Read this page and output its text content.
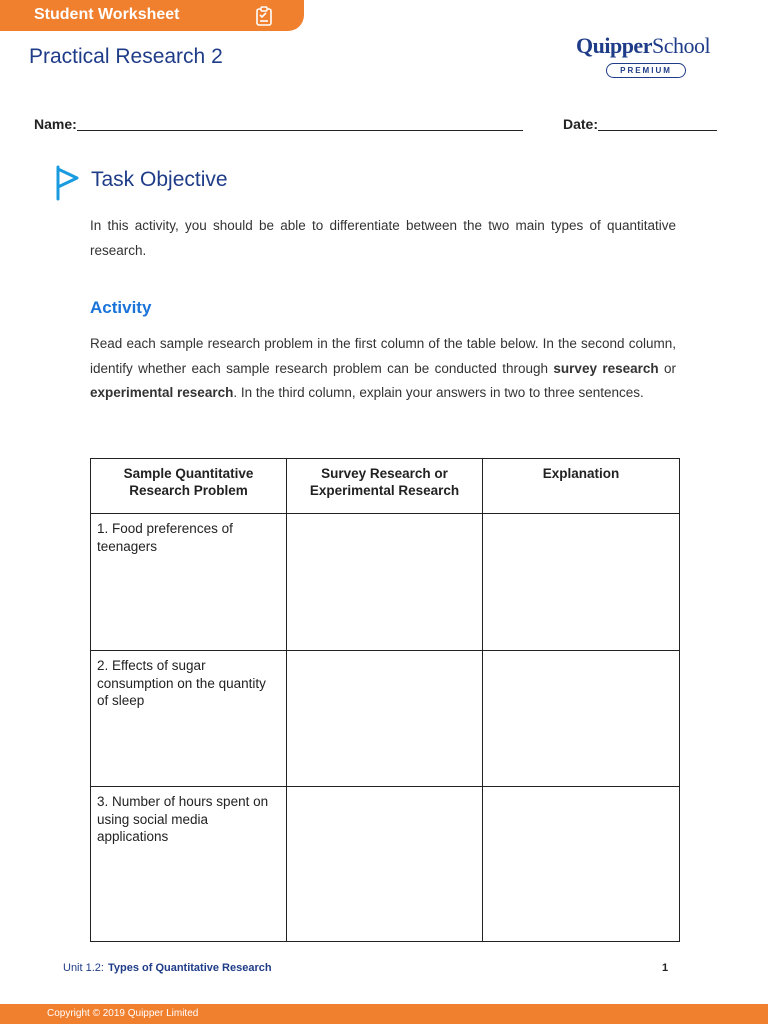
Student Worksheet
Practical Research 2	QuipperSchool
PREMIUM
Name:	Date:
Task Objective
In this activity, you should be able to differentiate between the two main types of quantitative research.
Activity
Read each sample research problem in the first column of the table below. In the second column, identify whether each sample research problem can be conducted through survey research or experimental research. In the third column, explain your answers in two to three sentences.
Sample Quantitative Research Problem	Survey Research or Experimental Research	Explanation
1. Food preferences of teenagers		
2. Effects of sugar consumption on the quantity of sleep		
3. Number of hours spent on using social media applications		
Unit 1.2: Types of Quantitative Research	1
Copyright © 2019 Quipper Limited
